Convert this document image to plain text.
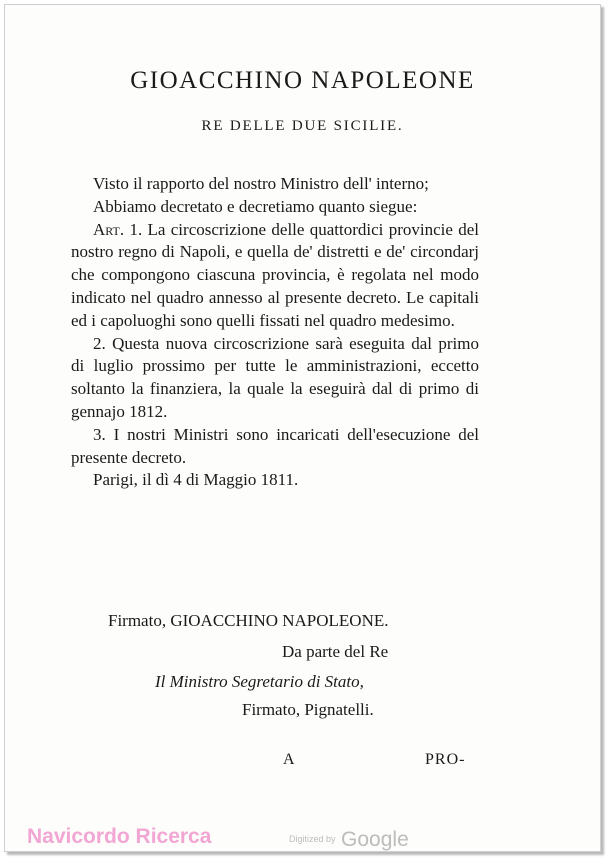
GIOACCHINO NAPOLEONE
RE DELLE DUE SICILIE.

Visto il rapporto del nostro Ministro dell' interno;

Abbiamo decretato e decretiamo quanto siegue:

Art. 1. La circoscrizione delle quattordici provincie del nostro regno di Napoli, e quella de' distretti e de' circondarj che compongono ciascuna provincia, è regolata nel modo indicato nel quadro annesso al presente decreto. Le capitali ed i capoluoghi sono quelli fissati nel quadro medesimo.

2. Questa nuova circoscrizione sarà eseguita dal primo di luglio prossimo per tutte le amministrazioni, eccetto soltanto la finanziera, la quale la eseguirà dal di primo di gennajo 1812.

3. I nostri Ministri sono incaricati dell'esecuzione del presente decreto.

Parigi, il dì 4 di Maggio 1811.

Firmato, GIOACCHINO NAPOLEONE.
Da parte del Re
Il Ministro Segretario di Stato,
Firmato, Pignatelli.
A	PRO-
Navicordo Ricerca	Digitized by Google
